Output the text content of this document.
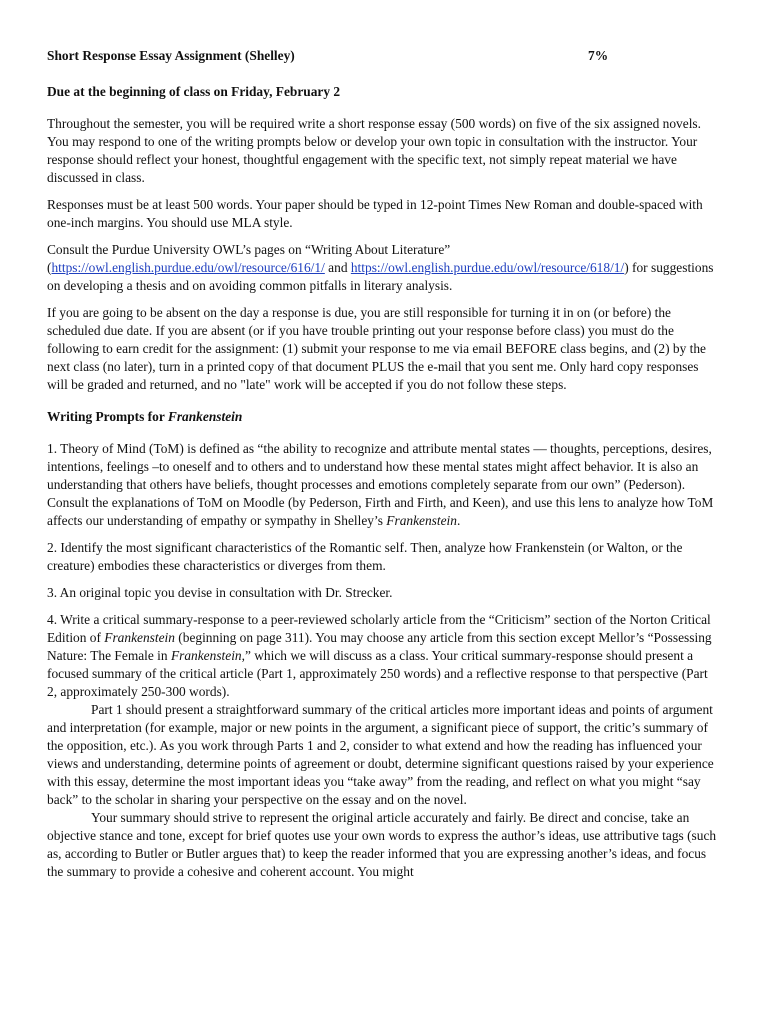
Short Response Essay Assignment (Shelley)	7%

Due at the beginning of class on Friday, February 2

Throughout the semester, you will be required write a short response essay (500 words) on five of the six assigned novels. You may respond to one of the writing prompts below or develop your own topic in consultation with the instructor. Your response should reflect your honest, thoughtful engagement with the specific text, not simply repeat material we have discussed in class.

Responses must be at least 500 words. Your paper should be typed in 12-point Times New Roman and double-spaced with one-inch margins. You should use MLA style.

Consult the Purdue University OWL’s pages on “Writing About Literature” (https://owl.english.purdue.edu/owl/resource/616/1/ and https://owl.english.purdue.edu/owl/resource/618/1/) for suggestions on developing a thesis and on avoiding common pitfalls in literary analysis.

If you are going to be absent on the day a response is due, you are still responsible for turning it in on (or before) the scheduled due date. If you are absent (or if you have trouble printing out your response before class) you must do the following to earn credit for the assignment: (1) submit your response to me via email BEFORE class begins, and (2) by the next class (no later), turn in a printed copy of that document PLUS the e-mail that you sent me. Only hard copy responses will be graded and returned, and no "late" work will be accepted if you do not follow these steps.

Writing Prompts for Frankenstein

1. Theory of Mind (ToM) is defined as “the ability to recognize and attribute mental states — thoughts, perceptions, desires, intentions, feelings –to oneself and to others and to understand how these mental states might affect behavior. It is also an understanding that others have beliefs, thought processes and emotions completely separate from our own” (Pederson). Consult the explanations of ToM on Moodle (by Pederson, Firth and Firth, and Keen), and use this lens to analyze how ToM affects our understanding of empathy or sympathy in Shelley’s Frankenstein.

2. Identify the most significant characteristics of the Romantic self. Then, analyze how Frankenstein (or Walton, or the creature) embodies these characteristics or diverges from them.

3. An original topic you devise in consultation with Dr. Strecker.

4. Write a critical summary-response to a peer-reviewed scholarly article from the “Criticism” section of the Norton Critical Edition of Frankenstein (beginning on page 311). You may choose any article from this section except Mellor’s “Possessing Nature: The Female in Frankenstein,” which we will discuss as a class. Your critical summary-response should present a focused summary of the critical article (Part 1, approximately 250 words) and a reflective response to that perspective (Part 2, approximately 250-300 words).

Part 1 should present a straightforward summary of the critical articles more important ideas and points of argument and interpretation (for example, major or new points in the argument, a significant piece of support, the critic’s summary of the opposition, etc.). As you work through Parts 1 and 2, consider to what extend and how the reading has influenced your views and understanding, determine points of agreement or doubt, determine significant questions raised by your experience with this essay, determine the most important ideas you “take away” from the reading, and reflect on what you might “say back” to the scholar in sharing your perspective on the essay and on the novel.

Your summary should strive to represent the original article accurately and fairly. Be direct and concise, take an objective stance and tone, except for brief quotes use your own words to express the author’s ideas, use attributive tags (such as, according to Butler or Butler argues that) to keep the reader informed that you are expressing another’s ideas, and focus the summary to provide a cohesive and coherent account. You might
